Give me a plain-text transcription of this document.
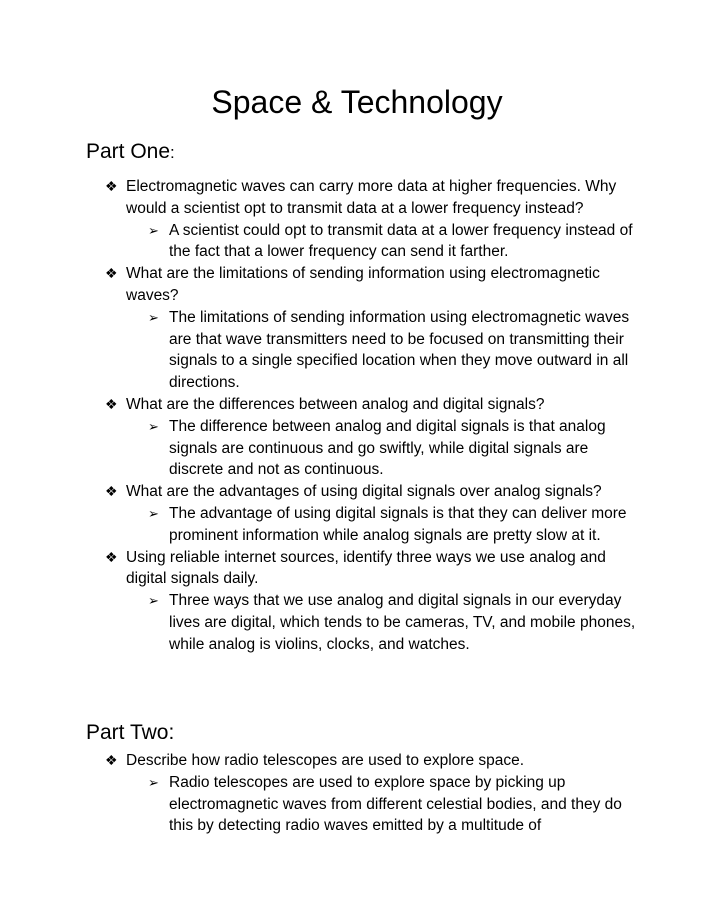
Space & Technology
Part One:
❖ Electromagnetic waves can carry more data at higher frequencies. Why would a scientist opt to transmit data at a lower frequency instead?
➢ A scientist could opt to transmit data at a lower frequency instead of the fact that a lower frequency can send it farther.
❖ What are the limitations of sending information using electromagnetic waves?
➢ The limitations of sending information using electromagnetic waves are that wave transmitters need to be focused on transmitting their signals to a single specified location when they move outward in all directions.
❖ What are the differences between analog and digital signals?
➢ The difference between analog and digital signals is that analog signals are continuous and go swiftly, while digital signals are discrete and not as continuous.
❖ What are the advantages of using digital signals over analog signals?
➢ The advantage of using digital signals is that they can deliver more prominent information while analog signals are pretty slow at it.
❖ Using reliable internet sources, identify three ways we use analog and digital signals daily.
➢ Three ways that we use analog and digital signals in our everyday lives are digital, which tends to be cameras, TV, and mobile phones, while analog is violins, clocks, and watches.
Part Two:
❖ Describe how radio telescopes are used to explore space.
➢ Radio telescopes are used to explore space by picking up electromagnetic waves from different celestial bodies, and they do this by detecting radio waves emitted by a multitude of
